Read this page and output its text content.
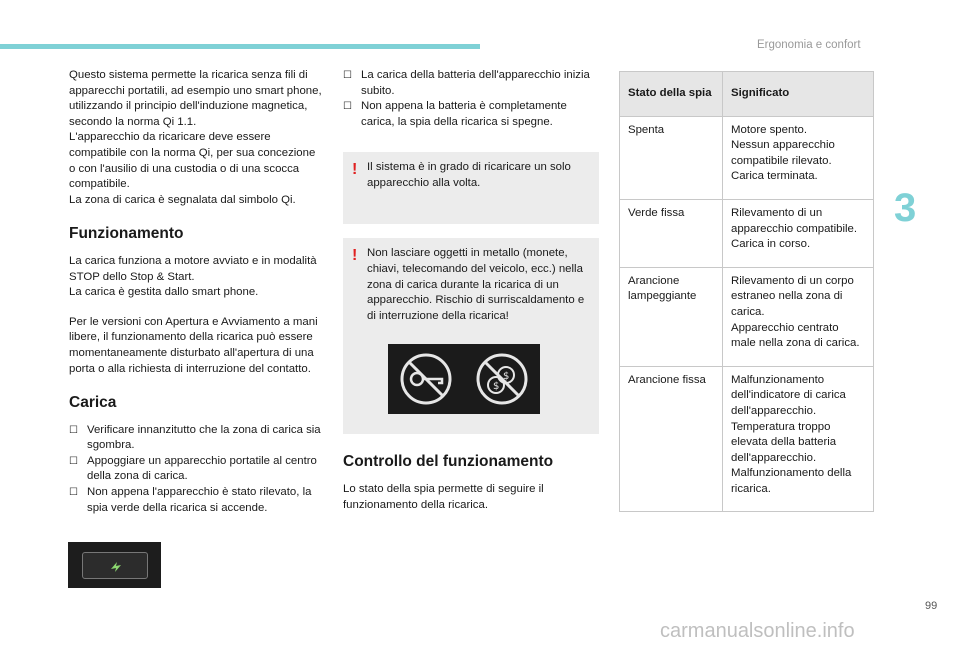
Ergonomia e confort
3
99

Questo sistema permette la ricarica senza fili di apparecchi portatili, ad esempio uno smart phone, utilizzando il principio dell'induzione magnetica, secondo la norma Qi 1.1.
L'apparecchio da ricaricare deve essere compatibile con la norma Qi, per sua concezione o con l'ausilio di una custodia o di una scocca compatibile.
La zona di carica è segnalata dal simbolo Qi.

Funzionamento

La carica funziona a motore avviato e in modalità STOP dello Stop & Start.
La carica è gestita dallo smart phone.

Per le versioni con Apertura e Avviamento a mani libere, il funzionamento della ricarica può essere momentaneamente disturbato all'apertura di una porta o alla richiesta di interruzione del contatto.

Carica

☐ Verificare innanzitutto che la zona di carica sia sgombra.

☐ Appoggiare un apparecchio portatile al centro della zona di carica.

☐ Non appena l'apparecchio è stato rilevato, la spia verde della ricarica si accende.

☐ La carica della batteria dell'apparecchio inizia subito.

☐ Non appena la batteria è completamente carica, la spia della ricarica si spegne.

! Il sistema è in grado di ricaricare un solo apparecchio alla volta.
! Non lasciare oggetti in metallo (monete, chiavi, telecomando del veicolo, ecc.) nella zona di carica durante la ricarica di un apparecchio. Rischio di surriscaldamento e di interruzione della ricarica!
$
$
Controllo del funzionamento

Lo stato della spia permette di seguire il funzionamento della ricarica.

Stato della spia	Significato
Spenta	Motore spento.
Nessun apparecchio compatibile rilevato.
Carica terminata.
Verde fissa	Rilevamento di un apparecchio compatibile.
Carica in corso.
Arancione lampeggiante	Rilevamento di un corpo estraneo nella zona di carica.
Apparecchio centrato male nella zona di carica.
Arancione fissa	Malfunzionamento dell'indicatore di carica dell'apparecchio.
Temperatura troppo elevata della batteria dell'apparecchio.
Malfunzionamento della ricarica.
carmanualsonline.info
